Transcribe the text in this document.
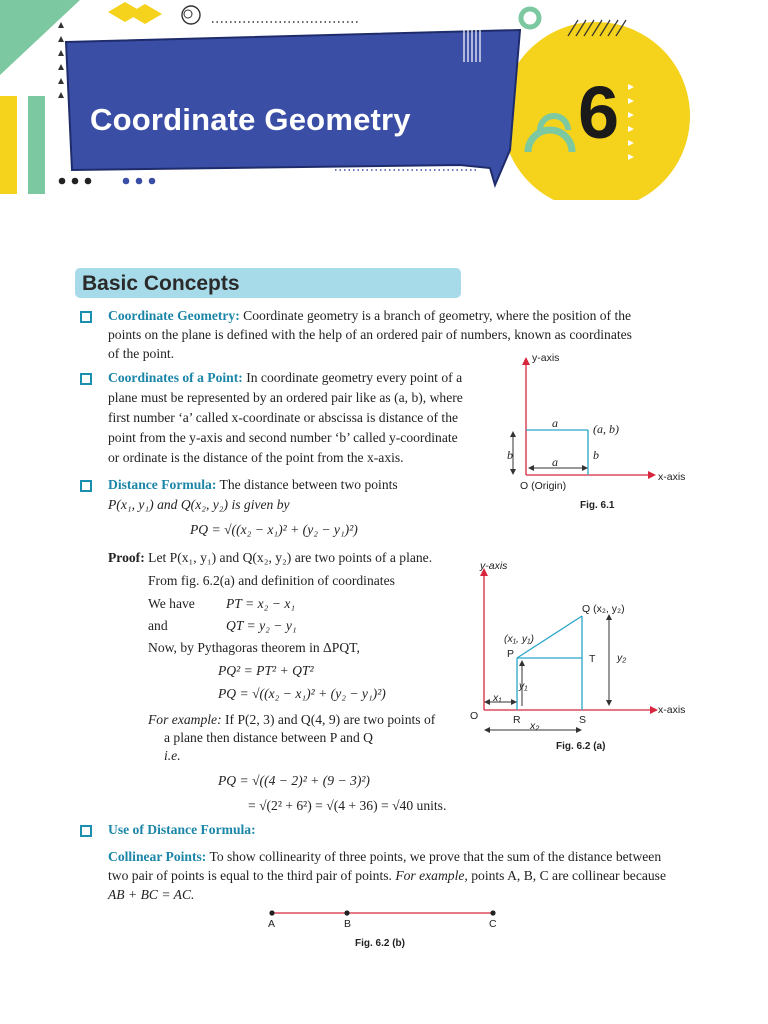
Coordinate Geometry 6
Basic Concepts
Coordinate Geometry: Coordinate geometry is a branch of geometry, where the position of the
points on the plane is defined with the help of an ordered pair of numbers, known as coordinates
of the point.
Coordinates of a Point: In coordinate geometry every point of a
plane must be represented by an ordered pair like as (a, b), where
first number ‘a’ called x-coordinate or abscissa is distance of the
point from the y-axis and second number ‘b’ called y-coordinate
or ordinate is the distance of the point from the x-axis.
y-axis
x-axis
O (Origin)
(a, b)
a
a
b	b
Fig. 6.1
Distance Formula: The distance between two points
P(x₁, y₁) and Q(x₂, y₂) is given by
PQ = √((x₂ − x₁)² + (y₂ − y₁)²)
Proof: Let P(x₁, y₁) and Q(x₂, y₂) are two points of a plane.
From fig. 6.2(a) and definition of coordinates
We have PT = x₂ − x₁
and	QT = y₂ − y₁
Now, by Pythagoras theorem in ΔPQT,
PQ² = PT² + QT²
PQ = √((x₂ − x₁)² + (y₂ − y₁)²)
For example: If P(2, 3) and Q(4, 9) are two points of
a plane then distance between P and Q
i.e.
PQ = √((4 − 2)² + (9 − 3)²)
= √(2² + 6²) = √(4 + 36) = √40 units.
y-axis
x-axis
O
Q (x₂, y₂)
(x₁, y₁)
P	T y₂
y₁
x₁
x₂
R	S
Fig. 6.2 (a)
Use of Distance Formula:
Collinear Points: To show collinearity of three points, we prove that the sum of the distance between
two pair of points is equal to the third pair of points. For example, points A, B, C are collinear because
AB + BC = AC.
A	B	C
Fig. 6.2 (b)
